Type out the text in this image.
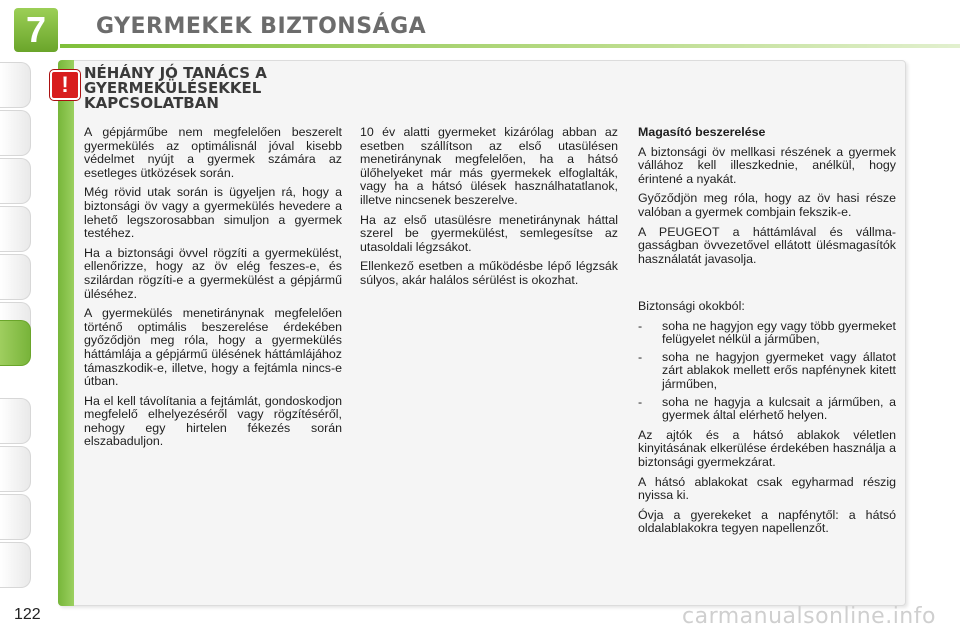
7	GYERMEKEK BIZTONSÁGA
!	NÉHÁNY JÓ TANÁCS A
GYERMEKÜLÉSEKKEL
KAPCSOLATBAN

A gépjárműbe nem megfelelően beszerelt gyermekülés az optimálisnál jóval kisebb védelmet nyújt a gyermek számára az esetleges ütközések során.

Még rövid utak során is ügyeljen rá, hogy a biztonsági öv vagy a gyermekülés hevedere a lehető legszorosabban simuljon a gyermek testéhez.

Ha a biztonsági övvel rögzíti a gyermekülést, ellenőrizze, hogy az öv elég feszes-e, és szilárdan rögzíti-e a gyermekülést a gépjármű üléséhez.

A gyermekülés menetiránynak megfelelően történő optimális beszerelése érdekében győződjön meg róla, hogy a gyermekülés háttámlája a gépjármű ülésének háttámlájához támaszkodik-e, illetve, hogy a fejtámla nincs-e útban.

Ha el kell távolítania a fejtámlát, gondoskodjon megfelelő elhelyezéséről vagy rögzítéséről, nehogy egy hirtelen fékezés során elszabaduljon.

10 év alatti gyermeket kizárólag abban az esetben szállítson az első utasülésen menetiránynak megfelelően, ha a hátsó ülőhelyeket már más gyermekek elfoglalták, vagy ha a hátsó ülések használhatatlanok, illetve nincsenek beszerelve.

Ha az első utasülésre menetiránynak háttal szerel be gyermekülést, semlegesítse az utasoldali légzsákot.

Ellenkező esetben a működésbe lépő légzsák súlyos, akár halálos sérülést is okozhat.

Magasító beszerelése

A biztonsági öv mellkasi részének a gyermek vállához kell illeszkednie, anélkül, hogy érintené a nyakát.

Győződjön meg róla, hogy az öv hasi része valóban a gyermek combjain fekszik-e.

A PEUGEOT a háttámlával és vállmagasságban övvezetővel ellátott ülésmagasítók használatát javasolja.

Biztonsági okokból:

- soha ne hagyjon egy vagy több gyermeket felügyelet nélkül a járműben,
- soha ne hagyjon gyermeket vagy állatot zárt ablakok mellett erős napfénynek kitett járműben,
- soha ne hagyja a kulcsait a járműben, a gyermek által elérhető helyen.

Az ajtók és a hátsó ablakok véletlen kinyitásának elkerülése érdekében használja a biztonsági gyermekzárat.

A hátsó ablakokat csak egyharmad részig nyissa ki.

Óvja a gyerekeket a napfénytől: a hátsó oldalablakokra tegyen napellenzőt.

122	carmanualsonline.info
